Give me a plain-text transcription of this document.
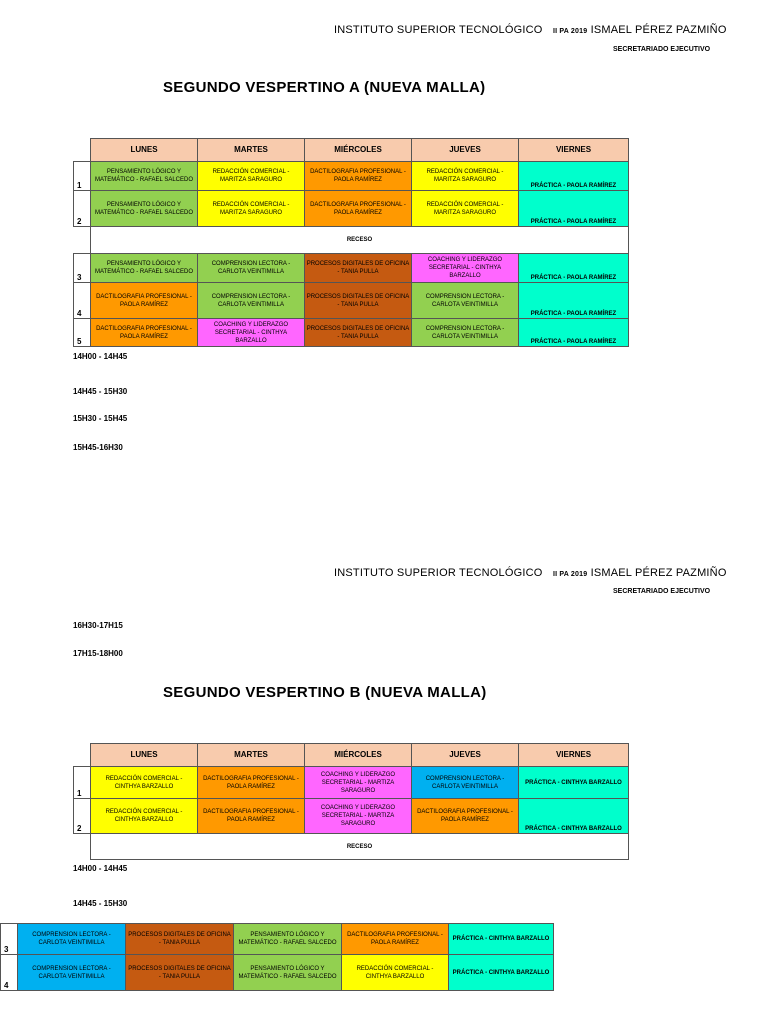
INSTITUTO SUPERIOR TECNOLÓGICO II PA 2019 ISMAEL PÉREZ PAZMIÑO
SECRETARIADO EJECUTIVO
SEGUNDO VESPERTINO A (NUEVA MALLA)
	LUNES	MARTES	MIÉRCOLES	JUEVES	VIERNES
1	PENSAMIENTO LÓGICO Y MATEMÁTICO - RAFAEL SALCEDO	REDACCIÓN COMERCIAL - MARITZA SARAGURO	DACTILOGRAFIA PROFESIONAL - PAOLA RAMÍREZ	REDACCIÓN COMERCIAL - MARITZA SARAGURO	PRÁCTICA - PAOLA RAMÍREZ
2	PENSAMIENTO LÓGICO Y MATEMÁTICO - RAFAEL SALCEDO	REDACCIÓN COMERCIAL - MARITZA SARAGURO	DACTILOGRAFIA PROFESIONAL - PAOLA RAMÍREZ	REDACCIÓN COMERCIAL - MARITZA SARAGURO	PRÁCTICA - PAOLA RAMÍREZ
	RECESO				
3	PENSAMIENTO LÓGICO Y MATEMÁTICO - RAFAEL SALCEDO	COMPRENSION LECTORA - CARLOTA VEINTIMILLA	PROCESOS DIGITALES DE OFICINA - TANIA PULLA	COACHING Y LIDERAZGO SECRETARIAL - CINTHYA BARZALLO	PRÁCTICA - PAOLA RAMÍREZ
4	DACTILOGRAFIA PROFESIONAL - PAOLA RAMÍREZ	COMPRENSION LECTORA - CARLOTA VEINTIMILLA	PROCESOS DIGITALES DE OFICINA - TANIA PULLA	COMPRENSION LECTORA - CARLOTA VEINTIMILLA	PRÁCTICA - PAOLA RAMÍREZ
5	DACTILOGRAFIA PROFESIONAL - PAOLA RAMÍREZ	COACHING Y LIDERAZGO SECRETARIAL - CINTHYA BARZALLO	PROCESOS DIGITALES DE OFICINA - TANIA PULLA	COMPRENSION LECTORA - CARLOTA VEINTIMILLA	PRÁCTICA - PAOLA RAMÍREZ
14H00 - 14H45
14H45 - 15H30
15H30 - 15H45
15H45-16H30
INSTITUTO SUPERIOR TECNOLÓGICO II PA 2019 ISMAEL PÉREZ PAZMIÑO
SECRETARIADO EJECUTIVO
16H30-17H15
17H15-18H00
SEGUNDO VESPERTINO B (NUEVA MALLA)
	LUNES	MARTES	MIÉRCOLES	JUEVES	VIERNES
1	REDACCIÓN COMERCIAL - CINTHYA BARZALLO	DACTILOGRAFIA PROFESIONAL - PAOLA RAMÍREZ	COACHING Y LIDERAZGO SECRETARIAL - MARTIZA SARAGURO	COMPRENSION LECTORA - CARLOTA VEINTIMILLA	PRÁCTICA - CINTHYA BARZALLO
2	REDACCIÓN COMERCIAL - CINTHYA BARZALLO	DACTILOGRAFIA PROFESIONAL - PAOLA RAMÍREZ	COACHING Y LIDERAZGO SECRETARIAL - MARTIZA SARAGURO	DACTILOGRAFIA PROFESIONAL - PAOLA RAMÍREZ	PRÁCTICA - CINTHYA BARZALLO
	RECESO				
14H00 - 14H45
14H45 - 15H30
3	COMPRENSION LECTORA - CARLOTA VEINTIMILLA	PROCESOS DIGITALES DE OFICINA - TANIA PULLA	PENSAMIENTO LÓGICO Y MATEMÁTICO - RAFAEL SALCEDO	DACTILOGRAFIA PROFESIONAL - PAOLA RAMÍREZ	PRÁCTICA - CINTHYA BARZALLO
4	COMPRENSION LECTORA - CARLOTA VEINTIMILLA	PROCESOS DIGITALES DE OFICINA - TANIA PULLA	PENSAMIENTO LÓGICO Y MATEMÁTICO - RAFAEL SALCEDO	REDACCIÓN COMERCIAL - CINTHYA BARZALLO	PRÁCTICA - CINTHYA BARZALLO
